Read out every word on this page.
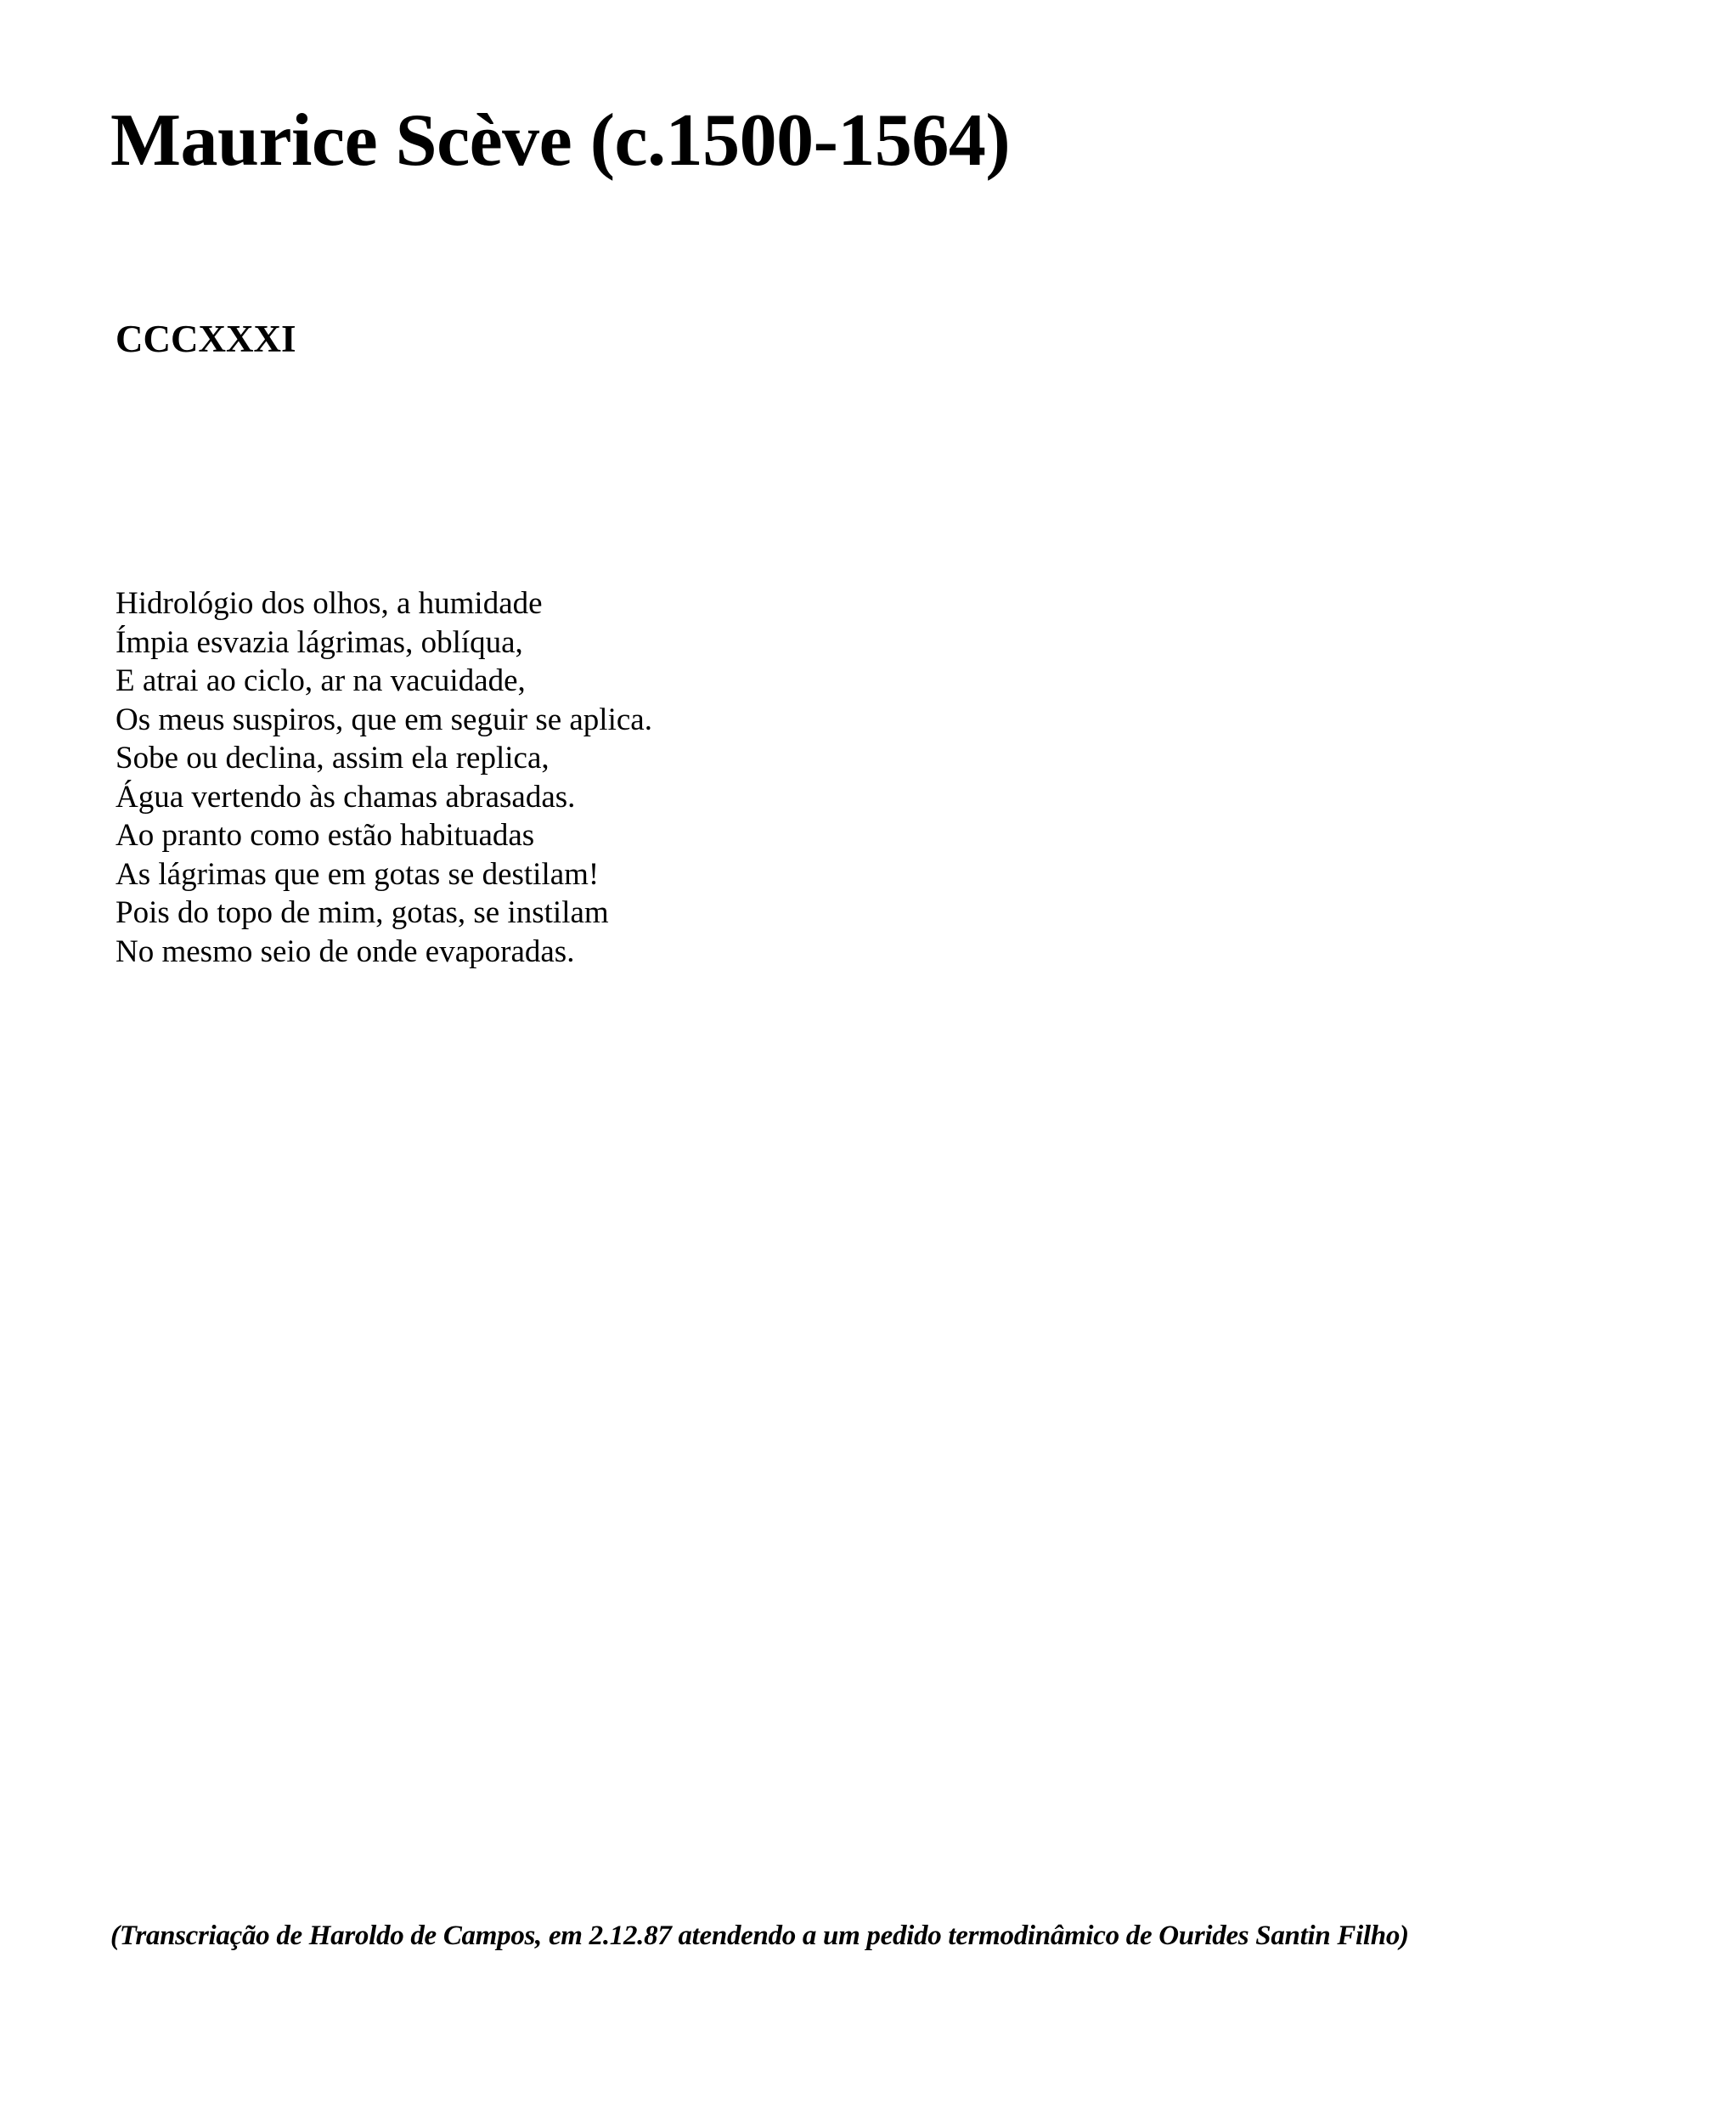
Maurice Scève (c.1500-1564)
CCCXXXI
Hidrológio dos olhos, a humidade
Ímpia esvazia lágrimas, oblíqua,
E atrai ao ciclo, ar na vacuidade,
Os meus suspiros, que em seguir se aplica.
Sobe ou declina, assim ela replica,
Água vertendo às chamas abrasadas.
Ao pranto como estão habituadas
As lágrimas que em gotas se destilam!
Pois do topo de mim, gotas, se instilam
No mesmo seio de onde evaporadas.

(Transcriação de Haroldo de Campos, em 2.12.87 atendendo a um pedido termodinâmico de Ourides Santin Filho)
